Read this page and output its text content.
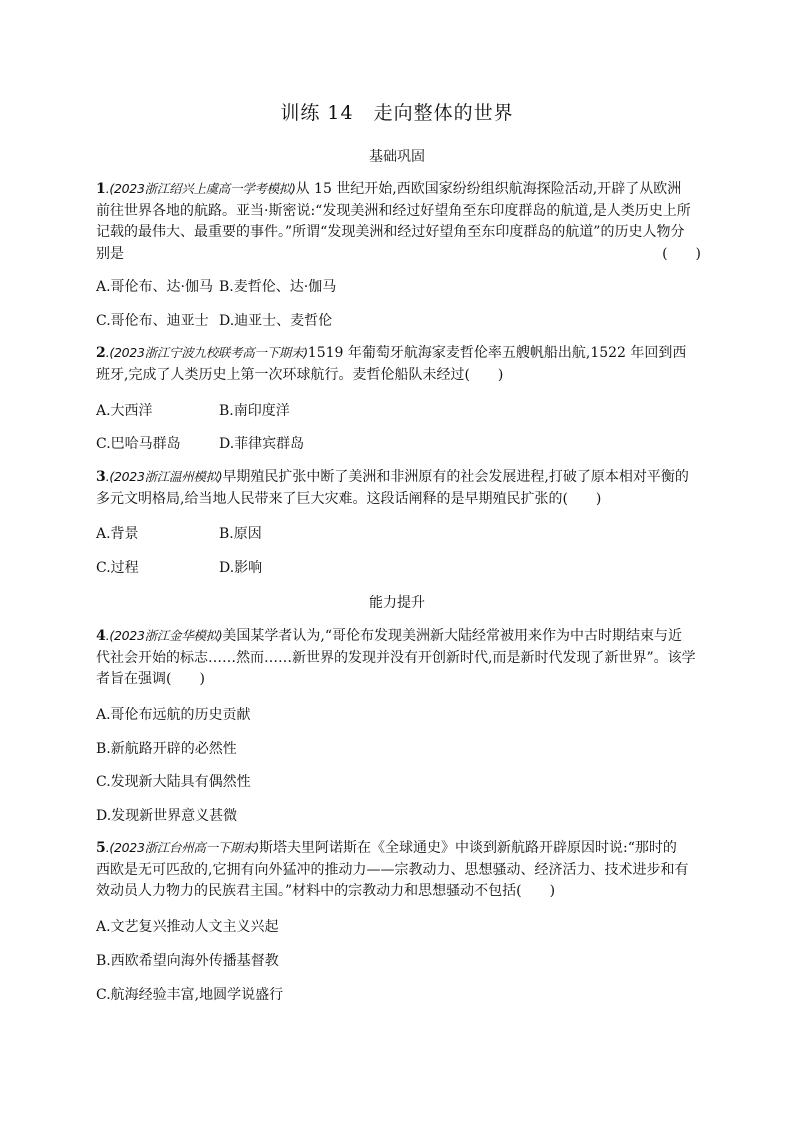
训练 14　走向整体的世界
基础巩固
1.(2023浙江绍兴上虞高一学考模拟)从 15 世纪开始,西欧国家纷纷组织航海探险活动,开辟了从欧洲
前往世界各地的航路。亚当·斯密说:“发现美洲和经过好望角至东印度群岛的航道,是人类历史上所
记载的最伟大、最重要的事件。”所谓“发现美洲和经过好望角至东印度群岛的航道”的历史人物分
别是	(　　)
A.哥伦布、达·伽马 B.麦哲伦、达·伽马
C.哥伦布、迪亚士 D.迪亚士、麦哲伦
2.(2023浙江宁波九校联考高一下期末)1519 年葡萄牙航海家麦哲伦率五艘帆船出航,1522 年回到西
班牙,完成了人类历史上第一次环球航行。麦哲伦船队未经过(　　)
A.大西洋	B.南印度洋
C.巴哈马群岛	D.菲律宾群岛
3.(2023浙江温州模拟)早期殖民扩张中断了美洲和非洲原有的社会发展进程,打破了原本相对平衡的
多元文明格局,给当地人民带来了巨大灾难。这段话阐释的是早期殖民扩张的(　　)
A.背景	B.原因
C.过程	D.影响
能力提升
4.(2023浙江金华模拟)美国某学者认为,“哥伦布发现美洲新大陆经常被用来作为中古时期结束与近
代社会开始的标志……然而……新世界的发现并没有开创新时代,而是新时代发现了新世界”。该学
者旨在强调(　　)
A.哥伦布远航的历史贡献
B.新航路开辟的必然性
C.发现新大陆具有偶然性
D.发现新世界意义甚微
5.(2023浙江台州高一下期末)斯塔夫里阿诺斯在《全球通史》中谈到新航路开辟原因时说:“那时的
西欧是无可匹敌的,它拥有向外猛冲的推动力——宗教动力、思想骚动、经济活力、技术进步和有
效动员人力物力的民族君主国。”材料中的宗教动力和思想骚动不包括(　　)
A.文艺复兴推动人文主义兴起
B.西欧希望向海外传播基督教
C.航海经验丰富,地圆学说盛行
